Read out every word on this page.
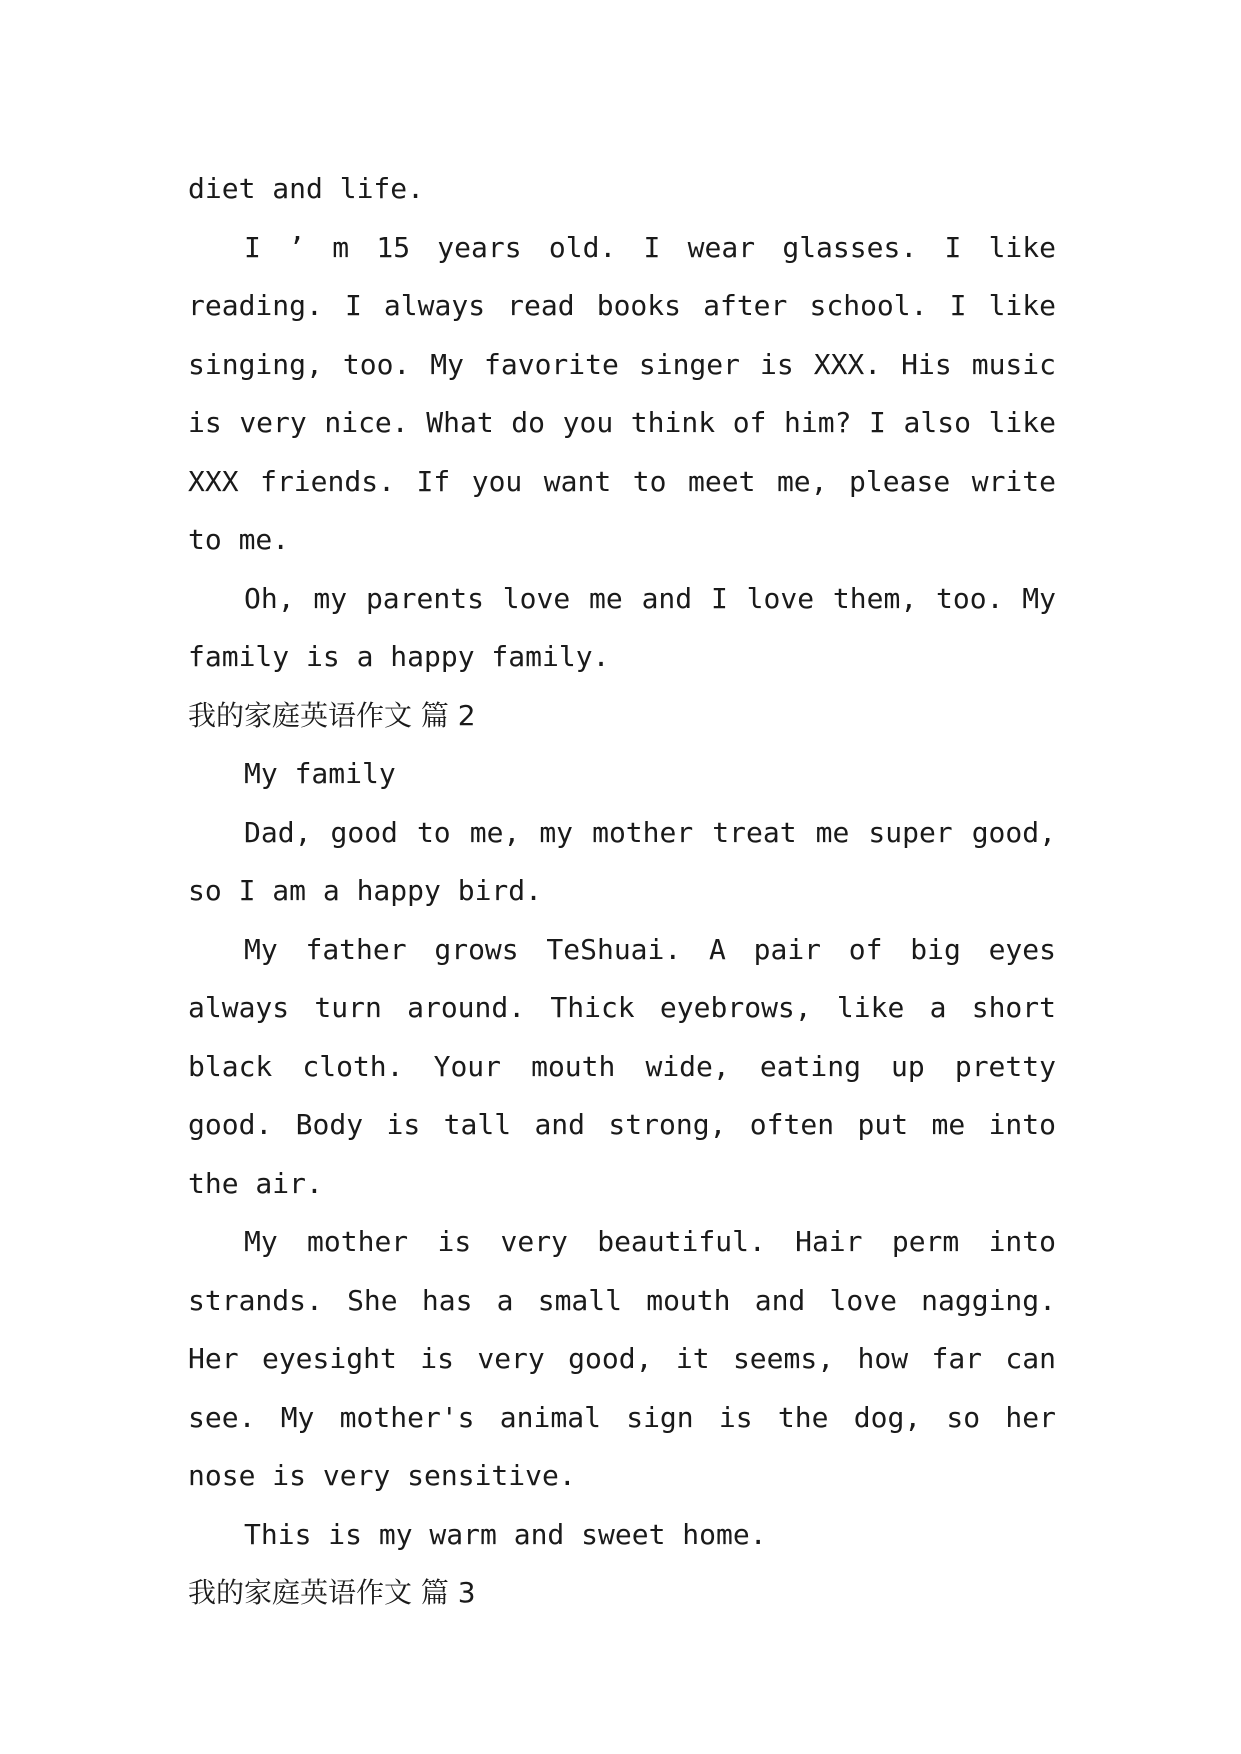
diet and life.

I ’ m 15 years old. I wear glasses. I like reading. I always read books after school. I like singing, too. My favorite singer is XXX. His music is very nice. What do you think of him? I also like XXX friends. If you want to meet me, please write to me.

Oh, my parents love me and I love them, too. My family is a happy family.

我的家庭英语作文 篇 2

My family

Dad, good to me, my mother treat me super good, so I am a happy bird.

My father grows TeShuai. A pair of big eyes always turn around. Thick eyebrows, like a short black cloth. Your mouth wide, eating up pretty good. Body is tall and strong, often put me into the air.

My mother is very beautiful. Hair perm into strands. She has a small mouth and love nagging. Her eyesight is very good, it seems, how far can see. My mother's animal sign is the dog, so her nose is very sensitive.

This is my warm and sweet home.

我的家庭英语作文 篇 3
